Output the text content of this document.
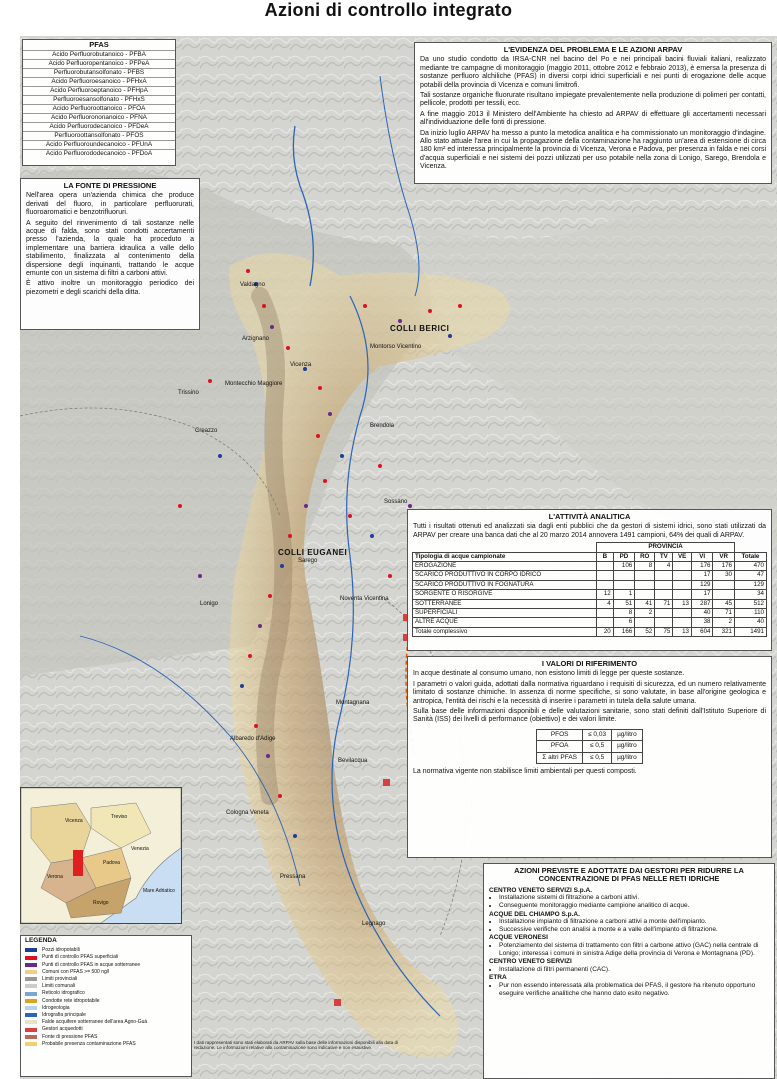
Azioni di controllo integrato
COLLI BERICI
COLLI EUGANEI
Vicenza
Arzignano
Montecchio Maggiore
Montorso Vicentino
Trissino
Brendola
Lonigo
Sarego
Noventa Vicentina
Montagnana
Cologna Veneta
Legnago
Albaredo d'Adige
Pressana
Bevilacqua
Sossano
Valdagno
Creazzo
PFAS
Acido Perfluorobutanoico - PFBA
Acido Perfluoropentanoico - PFPeA
Perfluorobutansolfonato - PFBS
Acido Perfluoroesanoico - PFHxA
Acido Perfluoroeptanoico - PFHpA
Perfluoroesansolfonato - PFHxS
Acido Perfluoroottanoico - PFOA
Acido Perfluorononanoico - PFNA
Acido Perfluorodecanoico - PFDeA
Perfluoroottansolfonato - PFOS
Acido Perfluoroundecanoico - PFUnA
Acido Perfluorododecanoico - PFDoA
L'EVIDENZA DEL PROBLEMA E LE AZIONI ARPAV

Da uno studio condotto da IRSA-CNR nel bacino del Po e nei principali bacini fluviali italiani, realizzato mediante tre campagne di monitoraggio (maggio 2011, ottobre 2012 e febbraio 2013), è emersa la presenza di sostanze perfluoro alchiliche (PFAS) in diversi corpi idrici superficiali e nei punti di erogazione delle acque potabili della provincia di Vicenza e comuni limitrofi.

Tali sostanze organiche fluorurate risultano impiegate prevalentemente nella produzione di polimeri per contatti, pellicole, prodotti per tessili, ecc.

A fine maggio 2013 il Ministero dell'Ambiente ha chiesto ad ARPAV di effettuare gli accertamenti necessari all'individuazione delle fonti di pressione.

Da inizio luglio ARPAV ha messo a punto la metodica analitica e ha commissionato un monitoraggio d'indagine. Allo stato attuale l'area in cui la propagazione della contaminazione ha raggiunto un'area di estensione di circa 180 km² ed interessa principalmente la provincia di Vicenza, Verona e Padova, per presenza in falda e nei corsi d'acqua superficiali e nei sistemi dei pozzi utilizzati per uso potabile nella zona di Lonigo, Sarego, Brendola e Vicenza.

LA FONTE DI PRESSIONE

Nell'area opera un'azienda chimica che produce derivati del fluoro, in particolare perfluorurati, fluoroaromatici e benzotrifluoruri.

A seguito del rinvenimento di tali sostanze nelle acque di falda, sono stati condotti accertamenti presso l'azienda, la quale ha proceduto a implementare una barriera idraulica a valle dello stabilimento, finalizzata al contenimento della dispersione degli inquinanti, trattando le acque emunte con un sistema di filtri a carboni attivi.

È attivo inoltre un monitoraggio periodico dei piezometri e degli scarichi della ditta.

L'ATTIVITÀ ANALITICA

Tutti i risultati ottenuti ed analizzati sia dagli enti pubblici che da gestori di sistemi idrici, sono stati utilizzati da ARPAV per creare una banca dati che al 20 marzo 2014 annovera 1491 campioni, 64% dei quali di ARPAV.

	PROVINCIA							
Tipologia di acque campionate	B	PD	RO	TV	VE	VI	VR	Totale
EROGAZIONE		106	8	4		176	176	470
SCARICO PRODUTTIVO IN CORPO IDRICO						17	30	47
SCARICO PRODUTTIVO IN FOGNATURA						129		129
SORGENTE O RISORGIVE	12	1				17		34
SOTTERRANEE	4	51	41	71	13	287	45	512
SUPERFICIALI		8	2			40	71	110
ALTRE ACQUE		6				38	2	40
Totale complessivo	20	166	52	75	13	604	321	1491
I VALORI DI RIFERIMENTO

In acque destinate al consumo umano, non esistono limiti di legge per queste sostanze.

I parametri o valori guida, adottati dalla normativa riguardano i requisiti di sicurezza, ed un numero relativamente limitato di sostanze chimiche. In assenza di norme specifiche, si sono valutate, in base all'origine geologica e antropica, l'entità dei rischi e la necessità di inserire i parametri in tutela della salute umana.

Sulla base delle informazioni disponibili e delle valutazioni sanitarie, sono stati definiti dall'Istituto Superiore di Sanità (ISS) dei livelli di performance (obiettivo) e dei valori limite.

PFOS	≤ 0,03	µg/litro
PFOA	≤ 0,5	µg/litro
Σ altri PFAS	≤ 0,5	µg/litro

La normativa vigente non stabilisce limiti ambientali per questi composti.

AZIONI PREVISTE E ADOTTATE DAI GESTORI PER RIDURRE LA CONCENTRAZIONE DI PFAS NELLE RETI IDRICHE
CENTRO VENETO SERVIZI S.p.A.
• Installazione sistemi di filtrazione a carboni attivi.
• Conseguente monitoraggio mediante campione analitico di acque.
ACQUE DEL CHIAMPO S.p.A.
• Installazione impianto di filtrazione a carboni attivi a monte dell'impianto.
• Successive verifiche con analisi a monte e a valle dell'impianto di filtrazione.
ACQUE VERONESI
• Potenziamento del sistema di trattamento con filtri a carbone attivo (GAC) nella centrale di Lonigo; interessa i comuni in sinistra Adige della provincia di Verona e Montagnana (PD).
CENTRO VENETO SERVIZI
• Installazione di filtri permanenti (CAC).
ETRA
• Pur non essendo interessata alla problematica dei PFAS, il gestore ha ritenuto opportuno eseguire verifiche analitiche che hanno dato esito negativo.
Vicenza
Treviso
Padova
Verona
Venezia
Rovigo
Mare Adriatico
LEGENDA
Pozzi idropotabili
Punti di controllo PFAS superficiali
Punti di controllo PFAS in acque sotterranee
Comuni con PFAS >= 500 ng/l
Limiti provinciali
Limiti comunali
Reticolo idrografico
Condotte rete idropotabile
Idrogeologia
Idrografia principale
Falde acquifere sotterranee dell'area Agno-Guà
Gestori acquedotti
Fonte di pressione PFAS
Probabile presenza contaminazione PFAS	I dati rappresentati sono stati elaborati da ARPAV sulla base delle informazioni disponibili alla data di redazione. Le informazioni relative alla contaminazione sono indicative e non esaustive.
